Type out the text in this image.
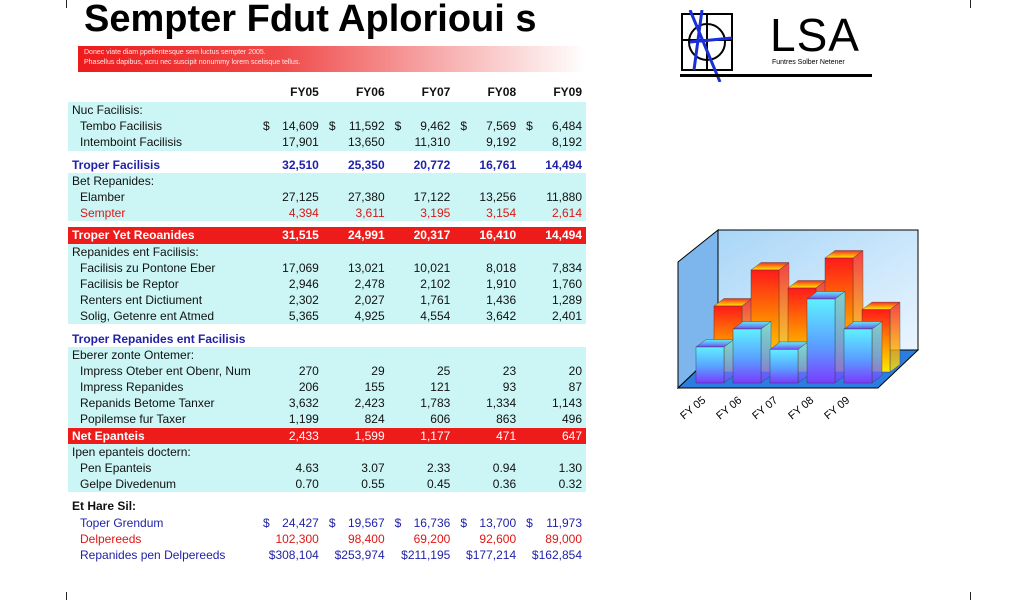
Sempter Fdut Aplorioui s
Donec viate diam ppellentesque sem luctus sempter 2005.
Phasellus dapibus, acru nec suscipit nonummy lorem scelisque tellus.
LSA
Funtres Solber Netener
	FY05	FY06	FY07	FY08	FY09
Nuc Facilisis:					
Tembo Facilisis	$ 14,609	$ 11,592	$ 9,462	$ 7,569	$ 6,484

Intemboint Facilisis	17,901	13,650	11,310	9,192	8,192

Troper Facilisis	32,510	25,350	20,772	16,761	14,494
Bet Repanides:					
Elamber	27,125	27,380	17,122	13,256	11,880
Sempter	4,394	3,611	3,195	3,154	2,614

Troper Yet Reoanides	31,515	24,991	20,317	16,410	14,494
Repanides ent Facilisis:					
Facilisis zu Pontone Eber	17,069	13,021	10,021	8,018	7,834
Facilisis be Reptor	2,946	2,478	2,102	1,910	1,760
Renters ent Dictiument	2,302	2,027	1,761	1,436	1,289
Solig, Getenre ent Atmed	5,365	4,925	4,554	3,642	2,401

Troper Repanides ent Facilisis					
Eberer zonte Ontemer:					
Impress Oteber ent Obenr, Num	270	29	25	23	20
Impress Repanides	206	155	121	93	87
Repanids Betome Tanxer	3,632	2,423	1,783	1,334	1,143
Popilemse fur Taxer	1,199	824	606	863	496
Net Epanteis	2,433	1,599	1,177	471	647
Ipen epanteis doctern:					
Pen Epanteis	4.63	3.07	2.33	0.94	1.30
Gelpe Divedenum	0.70	0.55	0.45	0.36	0.32

Et Hare Sil:					
Toper Grendum	$ 24,427	$ 19,567	$ 16,736	$ 13,700	$ 11,973

Delpereeds	102,300	98,400	69,200	92,600	89,000
Repanides pen Delpereeds	$308,104	$253,974	$211,195	$177,214	$162,854
FY 05 FY 06 FY 07 FY 08 FY 09
